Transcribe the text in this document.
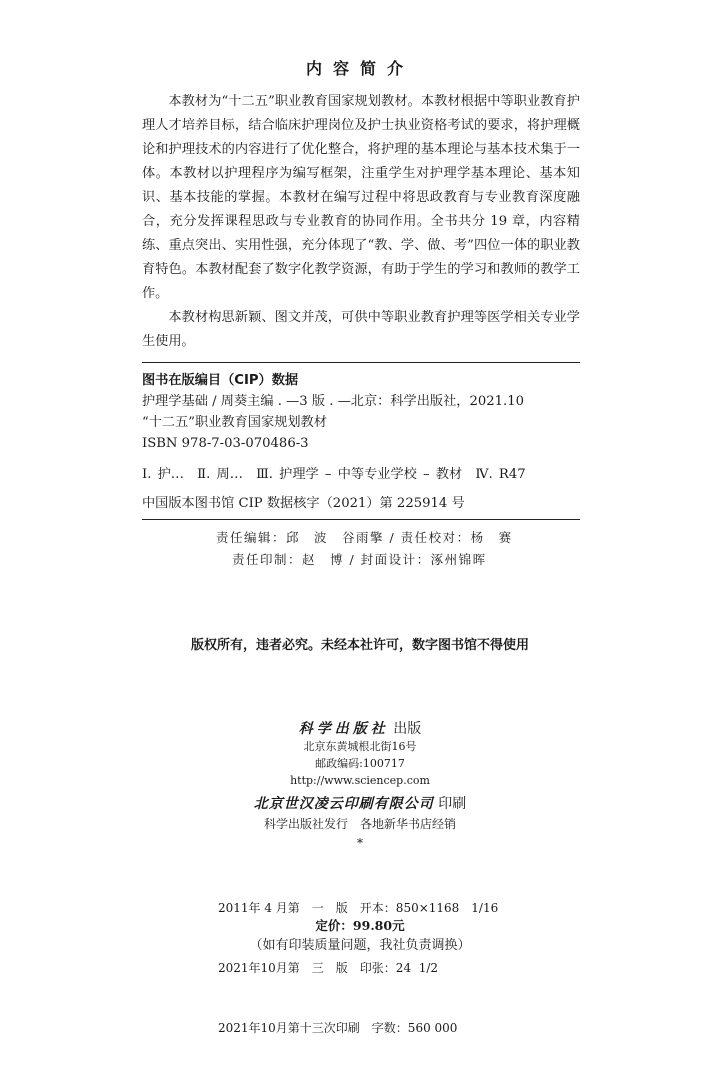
内容简介

本教材为“十二五”职业教育国家规划教材。本教材根据中等职业教育护理人才培养目标，结合临床护理岗位及护士执业资格考试的要求，将护理概论和护理技术的内容进行了优化整合，将护理的基本理论与基本技术集于一体。本教材以护理程序为编写框架，注重学生对护理学基本理论、基本知识、基本技能的掌握。本教材在编写过程中将思政教育与专业教育深度融合，充分发挥课程思政与专业教育的协同作用。全书共分 19 章，内容精练、重点突出、实用性强，充分体现了“教、学、做、考”四位一体的职业教育特色。本教材配套了数字化教学资源，有助于学生的学习和教师的教学工作。

本教材构思新颖、图文并茂，可供中等职业教育护理等医学相关专业学生使用。

图书在版编目（CIP）数据
护理学基础 / 周葵主编 . —3 版 . —北京：科学出版社，2021.10
“十二五”职业教育国家规划教材
ISBN 978-7-03-070486-3
Ⅰ. 护…　Ⅱ. 周…　Ⅲ. 护理学 – 中等专业学校 – 教材　Ⅳ. R47
中国版本图书馆 CIP 数据核字（2021）第 225914 号
责任编辑：邱　波　谷雨擎 / 责任校对：杨　赛
责任印制：赵　博 / 封面设计：涿州锦晖
版权所有，违者必究。未经本社许可，数字图书馆不得使用
科学出版社 出版
北京东黄城根北街16号
邮政编码:100717
http://www.sciencep.com
北京世汉凌云印刷有限公司 印刷
科学出版社发行　各地新华书店经销
*

2011年 4 月第　一　版　开本：850×1168　1/16

2021年10月第　三　版　印张：24  1/2

2021年10月第十三次印刷　字数：560 000

定价：99.80元
（如有印装质量问题，我社负责调换）
